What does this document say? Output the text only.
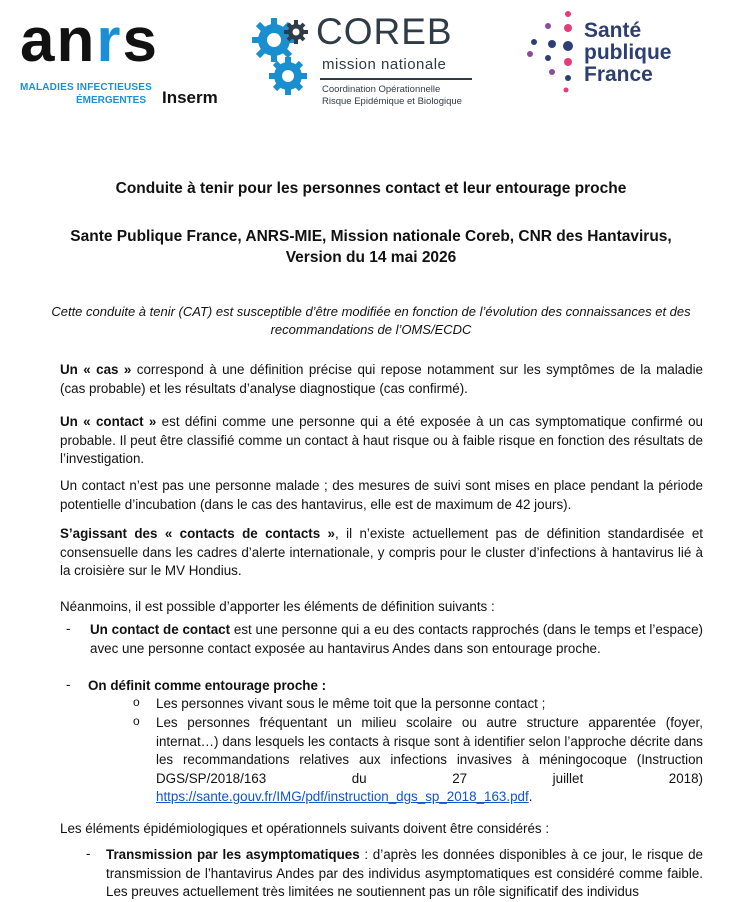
anrs
MALADIES INFECTIEUSES
ÉMERGENTES Inserm
COREB
mission nationale
Coordination Opérationnelle
Risque Epidémique et Biologique
Santé
publique
France
Conduite à tenir pour les personnes contact et leur entourage proche
Sante Publique France, ANRS-MIE, Mission nationale Coreb, CNR des Hantavirus,
Version du 14 mai 2026
Cette conduite à tenir (CAT) est susceptible d’être modifiée en fonction de l’évolution des connaissances et des recommandations de l’OMS/ECDC
Un « cas » correspond à une définition précise qui repose notamment sur les symptômes de la maladie (cas probable) et les résultats d’analyse diagnostique (cas confirmé).
Un « contact » est défini comme une personne qui a été exposée à un cas symptomatique confirmé ou probable. Il peut être classifié comme un contact à haut risque ou à faible risque en fonction des résultats de l’investigation.
Un contact n’est pas une personne malade ; des mesures de suivi sont mises en place pendant la période potentielle d’incubation (dans le cas des hantavirus, elle est de maximum de 42 jours).
S’agissant des « contacts de contacts », il n’existe actuellement pas de définition standardisée et consensuelle dans les cadres d’alerte internationale, y compris pour le cluster d’infections à hantavirus lié à la croisière sur le MV Hondius.
Néanmoins, il est possible d’apporter les éléments de définition suivants :
- Un contact de contact est une personne qui a eu des contacts rapprochés (dans le temps et l’espace) avec une personne contact exposée au hantavirus Andes dans son entourage proche.
- On définit comme entourage proche :
o Les personnes vivant sous le même toit que la personne contact ;
o Les personnes fréquentant un milieu scolaire ou autre structure apparentée (foyer, internat…) dans lesquels les contacts à risque sont à identifier selon l’approche décrite dans les recommandations relatives aux infections invasives à méningocoque (Instruction DGS/SP/2018/163 du 27 juillet 2018) https://sante.gouv.fr/IMG/pdf/instruction_dgs_sp_2018_163.pdf.
Les éléments épidémiologiques et opérationnels suivants doivent être considérés :
- Transmission par les asymptomatiques : d’après les données disponibles à ce jour, le risque de transmission de l’hantavirus Andes par des individus asymptomatiques est considéré comme faible. Les preuves actuellement très limitées ne soutiennent pas un rôle significatif des individus
